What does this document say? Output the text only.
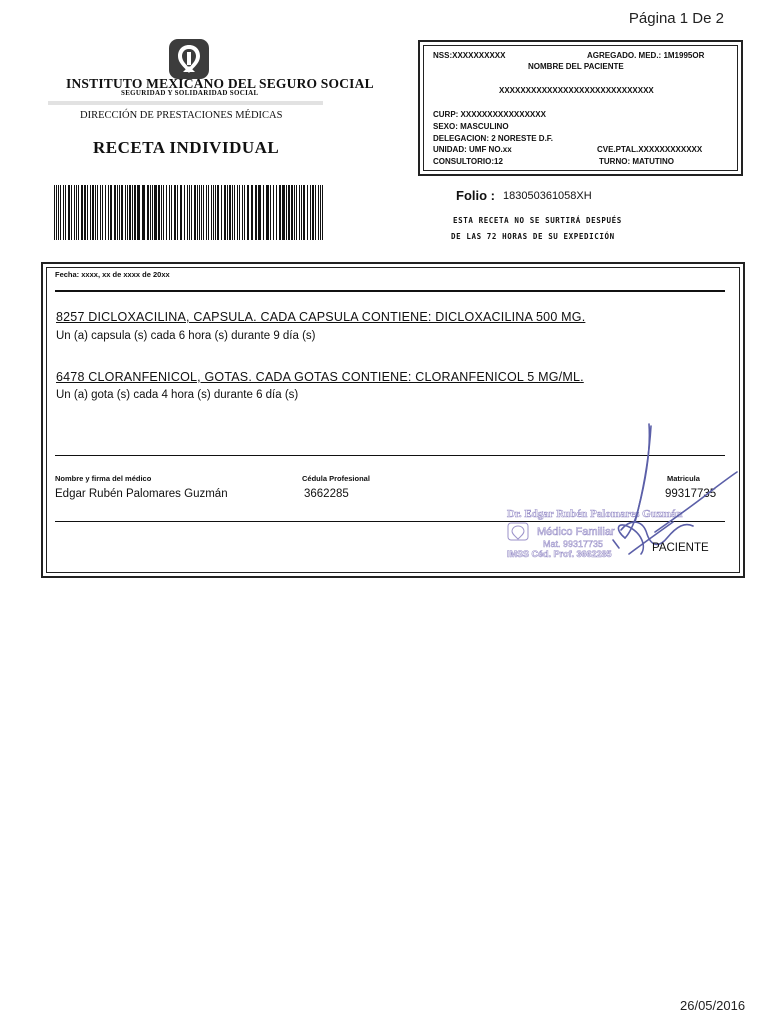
Página 1 De 2
INSTITUTO MEXICANO DEL SEGURO SOCIAL
SEGURIDAD Y SOLIDARIDAD SOCIAL
DIRECCIÓN DE PRESTACIONES MÉDICAS
RECETA INDIVIDUAL
NSS:XXXXXXXXXX	AGREGADO. MED.: 1M1995OR
NOMBRE DEL PACIENTE
XXXXXXXXXXXXXXXXXXXXXXXXXXXXX
CURP: XXXXXXXXXXXXXXXX
SEXO: MASCULINO
DELEGACION: 2 NORESTE D.F.
UNIDAD: UMF NO.xx	CVE.PTAL.XXXXXXXXXXXX
CONSULTORIO:12	TURNO: MATUTINO
Folio : 183050361058XH
ESTA RECETA NO SE SURTIRÁ DESPUÉS
DE LAS 72 HORAS DE SU EXPEDICIÓN
Fecha: xxxx, xx de xxxx de 20xx
8257 DICLOXACILINA, CAPSULA. CADA CAPSULA CONTIENE: DICLOXACILINA 500 MG.
Un (a) capsula (s) cada 6 hora (s) durante 9 día (s)
6478 CLORANFENICOL, GOTAS. CADA GOTAS CONTIENE: CLORANFENICOL 5 MG/ML.
Un (a) gota (s) cada 4 hora (s) durante 6 día (s)
Nombre y firma del médico	Cédula Profesional	Matricula
Edgar Rubén Palomares Guzmán	3662285	99317735
Dr. Edgar Rubén Palomares Guzmán
Médico Familiar
Mat. 99317735
IMSS Céd. Prof. 3662285	PACIENTE
26/05/2016
